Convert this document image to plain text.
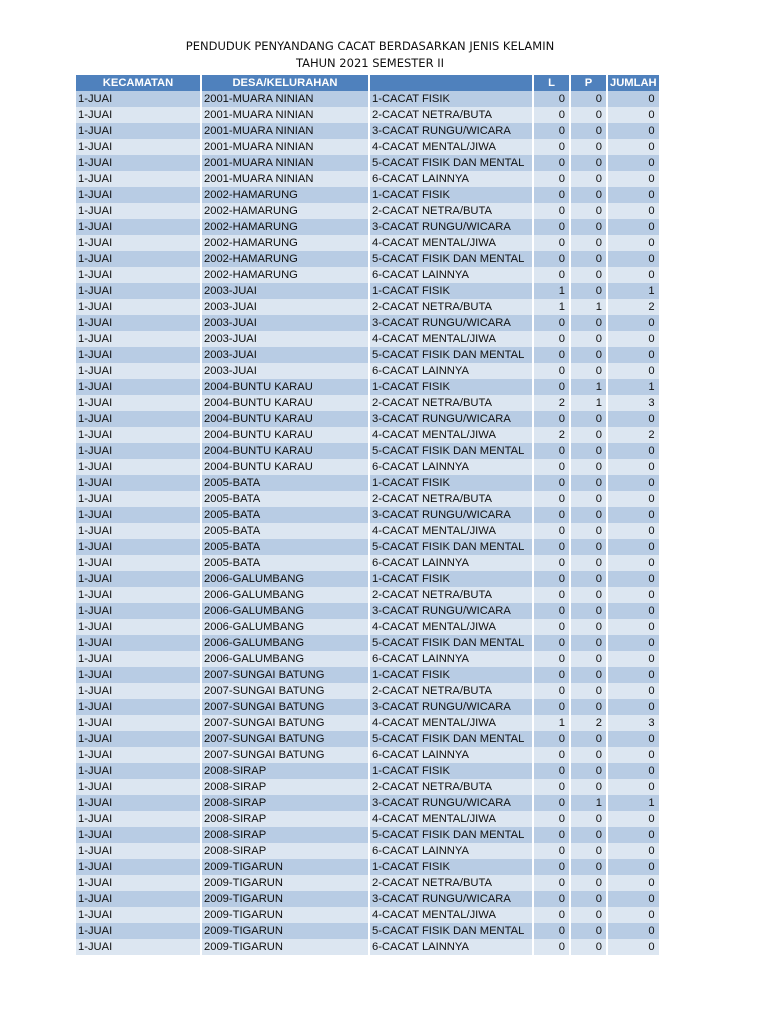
PENDUDUK PENYANDANG CACAT BERDASARKAN JENIS KELAMIN
TAHUN 2021 SEMESTER II
KECAMATAN	DESA/KELURAHAN		L	P	JUMLAH
1-JUAI	2001-MUARA NINIAN	1-CACAT FISIK	0	0	0
1-JUAI	2001-MUARA NINIAN	2-CACAT NETRA/BUTA	0	0	0
1-JUAI	2001-MUARA NINIAN	3-CACAT RUNGU/WICARA	0	0	0
1-JUAI	2001-MUARA NINIAN	4-CACAT MENTAL/JIWA	0	0	0
1-JUAI	2001-MUARA NINIAN	5-CACAT FISIK DAN MENTAL	0	0	0
1-JUAI	2001-MUARA NINIAN	6-CACAT LAINNYA	0	0	0
1-JUAI	2002-HAMARUNG	1-CACAT FISIK	0	0	0
1-JUAI	2002-HAMARUNG	2-CACAT NETRA/BUTA	0	0	0
1-JUAI	2002-HAMARUNG	3-CACAT RUNGU/WICARA	0	0	0
1-JUAI	2002-HAMARUNG	4-CACAT MENTAL/JIWA	0	0	0
1-JUAI	2002-HAMARUNG	5-CACAT FISIK DAN MENTAL	0	0	0
1-JUAI	2002-HAMARUNG	6-CACAT LAINNYA	0	0	0
1-JUAI	2003-JUAI	1-CACAT FISIK	1	0	1
1-JUAI	2003-JUAI	2-CACAT NETRA/BUTA	1	1	2
1-JUAI	2003-JUAI	3-CACAT RUNGU/WICARA	0	0	0
1-JUAI	2003-JUAI	4-CACAT MENTAL/JIWA	0	0	0
1-JUAI	2003-JUAI	5-CACAT FISIK DAN MENTAL	0	0	0
1-JUAI	2003-JUAI	6-CACAT LAINNYA	0	0	0
1-JUAI	2004-BUNTU KARAU	1-CACAT FISIK	0	1	1
1-JUAI	2004-BUNTU KARAU	2-CACAT NETRA/BUTA	2	1	3
1-JUAI	2004-BUNTU KARAU	3-CACAT RUNGU/WICARA	0	0	0
1-JUAI	2004-BUNTU KARAU	4-CACAT MENTAL/JIWA	2	0	2
1-JUAI	2004-BUNTU KARAU	5-CACAT FISIK DAN MENTAL	0	0	0
1-JUAI	2004-BUNTU KARAU	6-CACAT LAINNYA	0	0	0
1-JUAI	2005-BATA	1-CACAT FISIK	0	0	0
1-JUAI	2005-BATA	2-CACAT NETRA/BUTA	0	0	0
1-JUAI	2005-BATA	3-CACAT RUNGU/WICARA	0	0	0
1-JUAI	2005-BATA	4-CACAT MENTAL/JIWA	0	0	0
1-JUAI	2005-BATA	5-CACAT FISIK DAN MENTAL	0	0	0
1-JUAI	2005-BATA	6-CACAT LAINNYA	0	0	0
1-JUAI	2006-GALUMBANG	1-CACAT FISIK	0	0	0
1-JUAI	2006-GALUMBANG	2-CACAT NETRA/BUTA	0	0	0
1-JUAI	2006-GALUMBANG	3-CACAT RUNGU/WICARA	0	0	0
1-JUAI	2006-GALUMBANG	4-CACAT MENTAL/JIWA	0	0	0
1-JUAI	2006-GALUMBANG	5-CACAT FISIK DAN MENTAL	0	0	0
1-JUAI	2006-GALUMBANG	6-CACAT LAINNYA	0	0	0
1-JUAI	2007-SUNGAI BATUNG	1-CACAT FISIK	0	0	0
1-JUAI	2007-SUNGAI BATUNG	2-CACAT NETRA/BUTA	0	0	0
1-JUAI	2007-SUNGAI BATUNG	3-CACAT RUNGU/WICARA	0	0	0
1-JUAI	2007-SUNGAI BATUNG	4-CACAT MENTAL/JIWA	1	2	3
1-JUAI	2007-SUNGAI BATUNG	5-CACAT FISIK DAN MENTAL	0	0	0
1-JUAI	2007-SUNGAI BATUNG	6-CACAT LAINNYA	0	0	0
1-JUAI	2008-SIRAP	1-CACAT FISIK	0	0	0
1-JUAI	2008-SIRAP	2-CACAT NETRA/BUTA	0	0	0
1-JUAI	2008-SIRAP	3-CACAT RUNGU/WICARA	0	1	1
1-JUAI	2008-SIRAP	4-CACAT MENTAL/JIWA	0	0	0
1-JUAI	2008-SIRAP	5-CACAT FISIK DAN MENTAL	0	0	0
1-JUAI	2008-SIRAP	6-CACAT LAINNYA	0	0	0
1-JUAI	2009-TIGARUN	1-CACAT FISIK	0	0	0
1-JUAI	2009-TIGARUN	2-CACAT NETRA/BUTA	0	0	0
1-JUAI	2009-TIGARUN	3-CACAT RUNGU/WICARA	0	0	0
1-JUAI	2009-TIGARUN	4-CACAT MENTAL/JIWA	0	0	0
1-JUAI	2009-TIGARUN	5-CACAT FISIK DAN MENTAL	0	0	0
1-JUAI	2009-TIGARUN	6-CACAT LAINNYA	0	0	0
